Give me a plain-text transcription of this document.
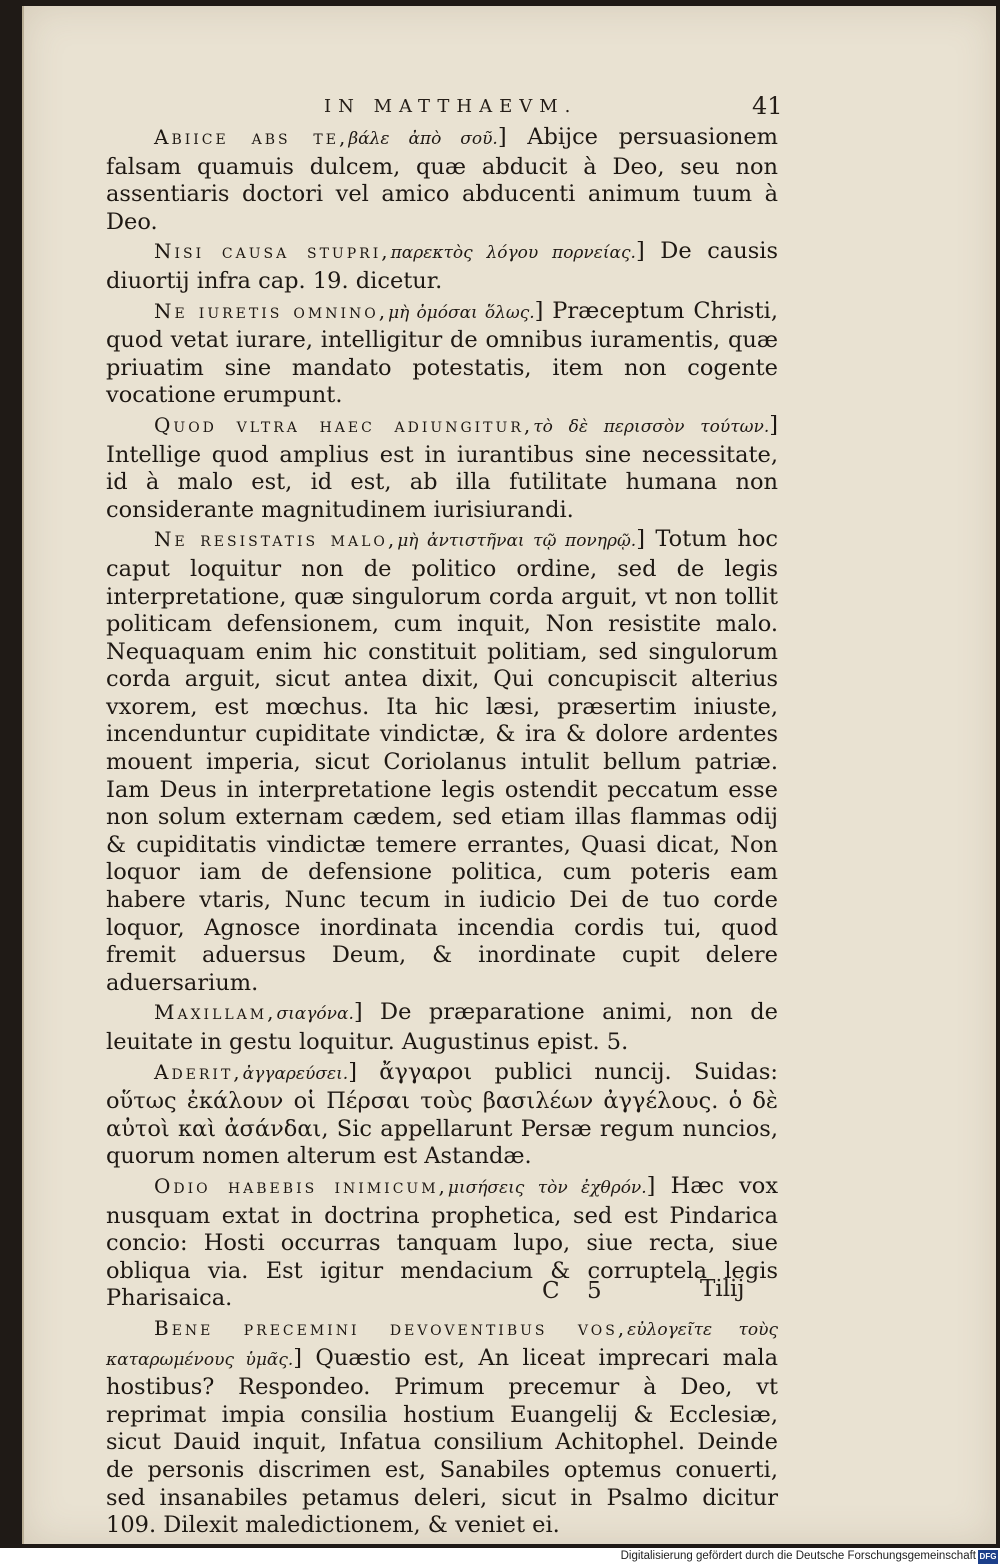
IN MATTHAEVM.	41

Abiice abs te,βάλε ἀπὸ σοῦ.] Abijce persuasionem falsam quamuis dulcem, quæ abducit à Deo, seu non assentiaris doctori vel amico abducenti animum tuum à Deo.

Nisi causa stupri,παρεκτὸς λόγου πορνείας.] De causis diuortij infra cap. 19. dicetur.

Ne iuretis omnino,μὴ ὀμόσαι ὅλως.] Præceptum Christi, quod vetat iurare, intelligitur de omnibus iuramentis, quæ priuatim sine mandato potestatis, item non cogente vocatione erumpunt.

Quod vltra haec adiungitur,τὸ δὲ περισσὸν τούτων.] Intellige quod amplius est in iurantibus sine necessitate, id à malo est, id est, ab illa futilitate humana non considerante magnitudinem iurisiurandi.

Ne resistatis malo,μὴ ἀντιστῆναι τῷ πονηρῷ.] Totum hoc caput loquitur non de politico ordine, sed de legis interpretatione, quæ singulorum corda arguit, vt non tollit politicam defensionem, cum inquit, Non resistite malo. Nequaquam enim hic constituit politiam, sed singulorum corda arguit, sicut antea dixit, Qui concupiscit alterius vxorem, est mœchus. Ita hic læsi, præsertim iniuste, incenduntur cupiditate vindictæ, & ira & dolore ardentes mouent imperia, sicut Coriolanus intulit bellum patriæ. Iam Deus in interpretatione legis ostendit peccatum esse non solum externam cædem, sed etiam illas flammas odij & cupiditatis vindictæ temere errantes, Quasi dicat, Non loquor iam de defensione politica, cum poteris eam habere vtaris, Nunc tecum in iudicio Dei de tuo corde loquor, Agnosce inordinata incendia cordis tui, quod fremit aduersus Deum, & inordinate cupit delere aduersarium.

Maxillam,σιαγόνα.] De præparatione animi, non de leuitate in gestu loquitur. Augustinus epist. 5.

Aderit,ἀγγαρεύσει.] ἄγγαροι publici nuncij. Suidas: οὕτως ἐκάλουν οἱ Πέρσαι τοὺς βασιλέων ἀγγέλους. ὁ δὲ αὐτοὶ καὶ ἀσάνδαι, Sic appellarunt Persæ regum nuncios, quorum nomen alterum est Astandæ.

Odio habebis inimicum,μισήσεις τὸν ἐχθρόν.] Hæc vox nusquam extat in doctrina prophetica, sed est Pindarica concio: Hosti occurras tanquam lupo, siue recta, siue obliqua via. Est igitur mendacium & corruptela legis Pharisaica.

Bene precemini devoventibus vos,εὐλογεῖτε τοὺς καταρωμένους ὑμᾶς.] Quæstio est, An liceat imprecari mala hostibus? Respondeo. Primum precemur à Deo, vt reprimat impia consilia hostium Euangelij & Ecclesiæ, sicut Dauid inquit, Infatua consilium Achitophel. Deinde de personis discrimen est, Sanabiles optemus conuerti, sed insanabiles petamus deleri, sicut in Psalmo dicitur 109. Dilexit maledictionem, & veniet ei.

C 5	Tilij
Digitalisierung gefördert durch die Deutsche Forschungsgemeinschaft DFG
